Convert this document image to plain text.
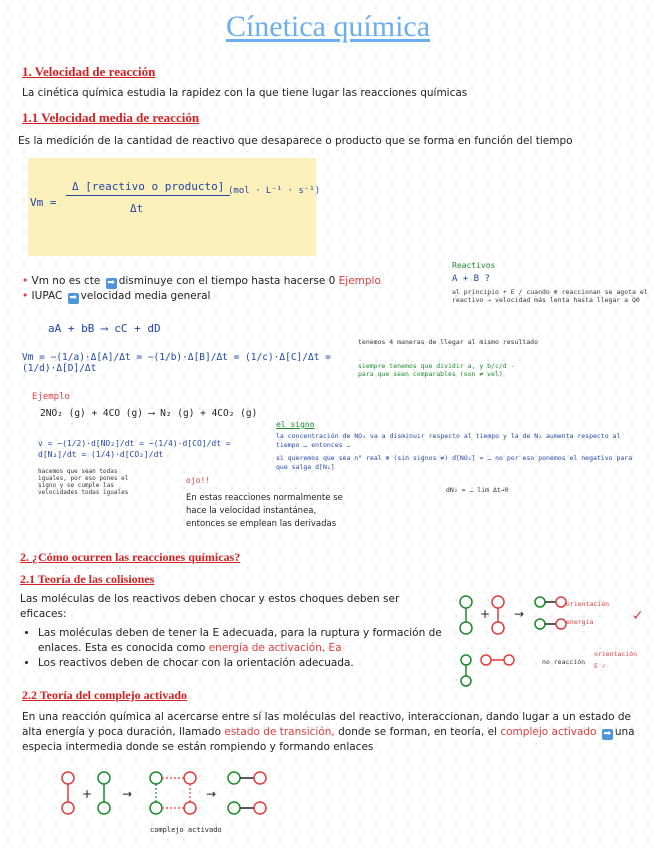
Cínetica química
1. Velocidad de reacción
La cinética química estudia la rapidez con la que tiene lugar las reacciones químicas
1.1 Velocidad media de reacción
Es la medición de la cantidad de reactivo que desaparece o producto que se forma en función del tiempo
Vm =
Δ [reactivo o producto]
Δt
(mol · L⁻¹ · s⁻¹)
• Vm no es cte ➡ disminuye con el tiempo hasta hacerse 0 Ejemplo
• IUPAC ➡ velocidad media general
Reactivos
A + B ?
al principio + E / cuando ⊕ reaccionan se agota el reactivo → velocidad más lenta hasta llegar a Q0
aA + bB ⟶ cC + dD
Vm = −(1/a)·Δ[A]/Δt = −(1/b)·Δ[B]/Δt = (1/c)·Δ[C]/Δt = (1/d)·Δ[D]/Δt
tenemos 4 maneras de llegar al mismo resultado
siempre tenemos que dividir a, y b/c/d - para que sean comparables (son ≠ vel)
Ejemplo
2NO₂ (g) + 4CO (g) ⟶ N₂ (g) + 4CO₂ (g)
v = −(1/2)·d[NO₂]/dt = −(1/4)·d[CO]/dt = d[N₂]/dt = (1/4)·d[CO₂]/dt
hacemos que sean todas iguales, por eso pones el signo y se cumple las velocidades todas iguales
el signo
la concentración de NO₂ va a disminuir respecto al tiempo y la de N₂ aumenta respecto al tiempo … entonces …
si queremos que sea n° real ⊕ (sin signos ≠) d[NO₂] = … no por eso ponemos el negativo para que salga d[N₂]
dN₂ = … lim Δt→0
ojo!!
En estas reacciones normalmente se hace la velocidad instantánea, entonces se emplean las derivadas
2. ¿Cómo ocurren las reacciones químicas?
2.1 Teoría de las colisiones
Las moléculas de los reactivos deben chocar y estos choques deben ser eficaces:
• Las moléculas deben de tener la E adecuada, para la ruptura y formación de enlaces. Esta es conocida como energía de activación, Ea
• Los reactivos deben de chocar con la orientación adecuada.
+ →	✓
orientación
energía
no reacción
orientación
E ✓
2.2 Teoría del complejo activado
En una reacción química al acercarse entre sí las moléculas del reactivo, interaccionan, dando lugar a un estado de alta energía y poca duración, llamado estado de transición, donde se forman, en teoría, el complejo activado ➡ una especia intermedia donde se están rompiendo y formando enlaces
+ →	→
complejo activado
